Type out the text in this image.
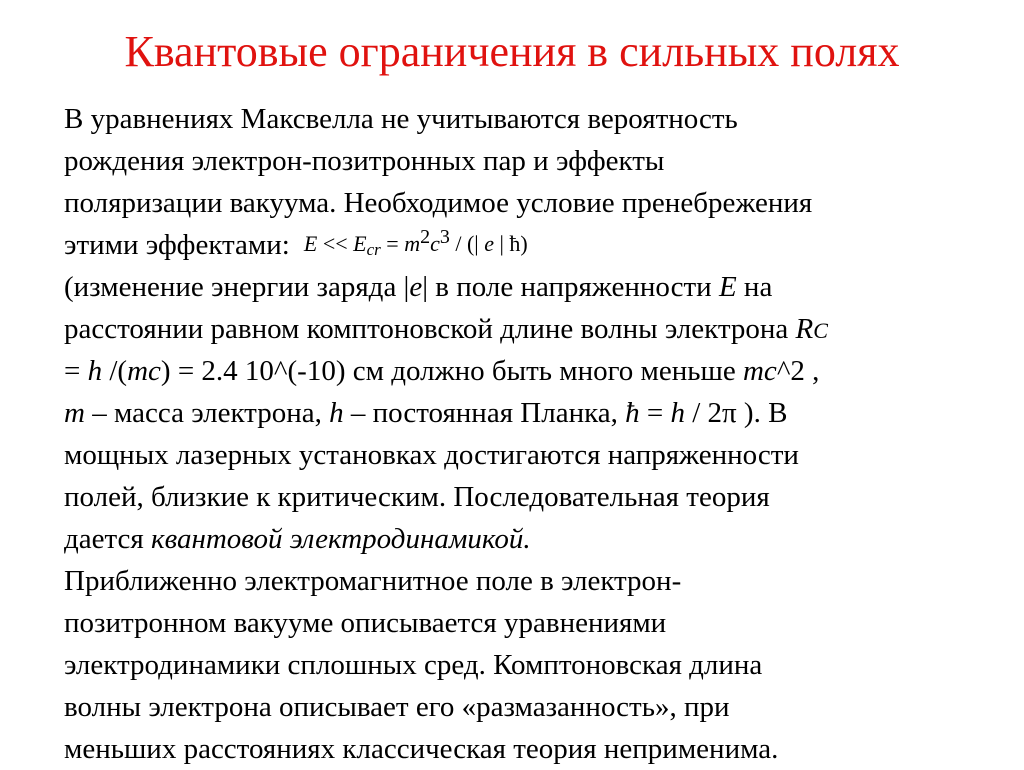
Квантовые ограничения в сильных полях
В уравнениях Максвелла не учитываются вероятность
рождения электрон-позитронных пар и эффекты
поляризации вакуума. Необходимое условие пренебрежения
этими эффектами: $E << E_{cr} = m^2c^3$ / (| e | ħ)
(изменение энергии заряда |e| в поле напряженности E на
расстоянии равном комптоновской длине волны электрона RC
= h /(mc) = 2.4 10^(-10) см должно быть много меньше mc^2 ,
m – масса электрона, h – постоянная Планка, ħ = h / 2π ). В
мощных лазерных установках достигаются напряженности
полей, близкие к критическим. Последовательная теория
дается квантовой электродинамикой.
Приближенно электромагнитное поле в электрон-
позитронном вакууме описывается уравнениями
электродинамики сплошных сред. Комптоновская длина
волны электрона описывает его «размазанность», при
меньших расстояниях классическая теория неприменима.
